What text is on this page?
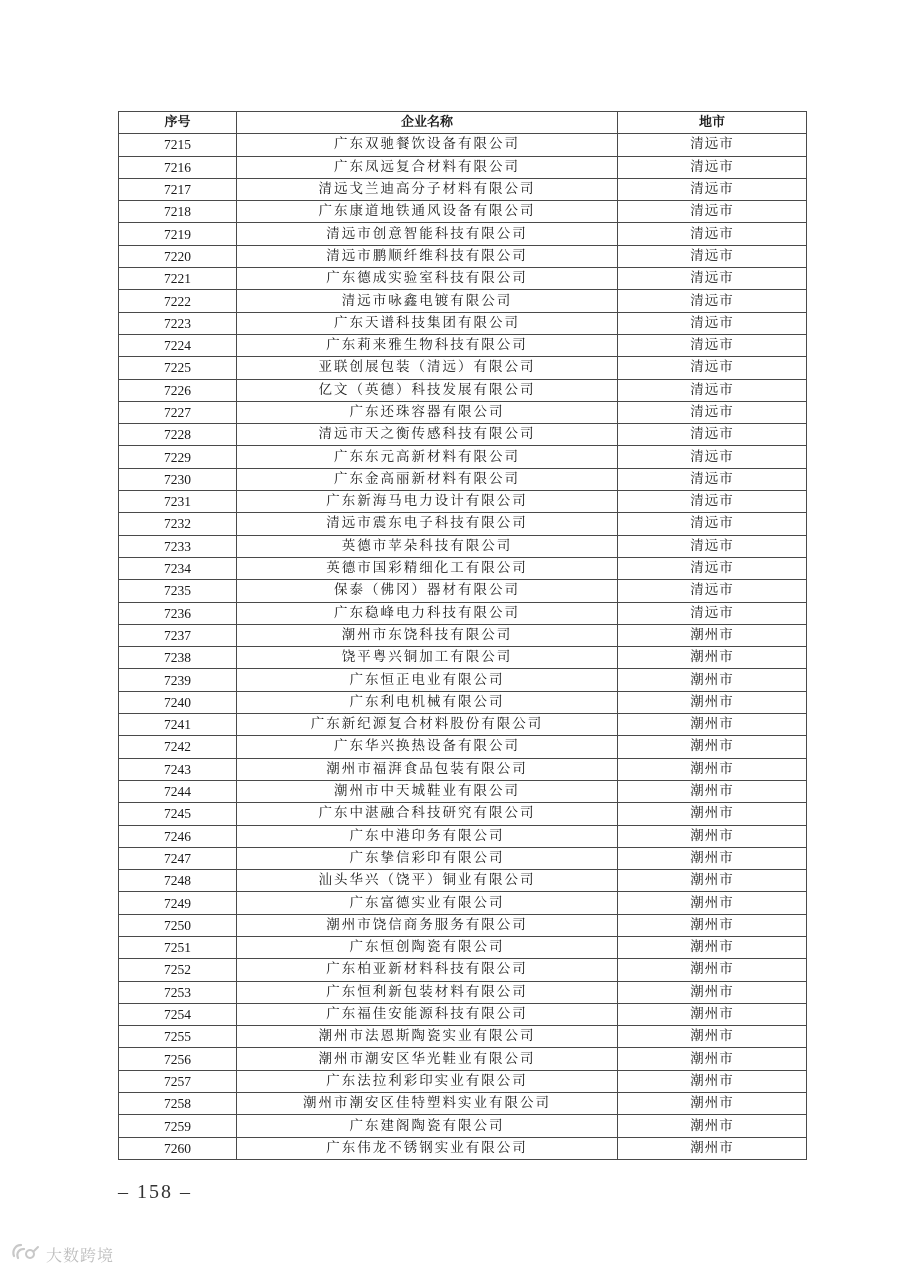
序号	企业名称	地市
7215	广东双驰餐饮设备有限公司	清远市
7216	广东凤远复合材料有限公司	清远市
7217	清远戈兰迪高分子材料有限公司	清远市
7218	广东康道地铁通风设备有限公司	清远市
7219	清远市创意智能科技有限公司	清远市
7220	清远市鹏顺纤维科技有限公司	清远市
7221	广东德成实验室科技有限公司	清远市
7222	清远市咏鑫电镀有限公司	清远市
7223	广东天谱科技集团有限公司	清远市
7224	广东莉来雅生物科技有限公司	清远市
7225	亚联创展包装（清远）有限公司	清远市
7226	亿文（英德）科技发展有限公司	清远市
7227	广东还珠容器有限公司	清远市
7228	清远市天之衡传感科技有限公司	清远市
7229	广东东元高新材料有限公司	清远市
7230	广东金高丽新材料有限公司	清远市
7231	广东新海马电力设计有限公司	清远市
7232	清远市震东电子科技有限公司	清远市
7233	英德市苹朵科技有限公司	清远市
7234	英德市国彩精细化工有限公司	清远市
7235	保泰（佛冈）器材有限公司	清远市
7236	广东稳峰电力科技有限公司	清远市
7237	潮州市东饶科技有限公司	潮州市
7238	饶平粤兴铜加工有限公司	潮州市
7239	广东恒正电业有限公司	潮州市
7240	广东利电机械有限公司	潮州市
7241	广东新纪源复合材料股份有限公司	潮州市
7242	广东华兴换热设备有限公司	潮州市
7243	潮州市福湃食品包装有限公司	潮州市
7244	潮州市中天城鞋业有限公司	潮州市
7245	广东中湛融合科技研究有限公司	潮州市
7246	广东中港印务有限公司	潮州市
7247	广东挚信彩印有限公司	潮州市
7248	汕头华兴（饶平）铜业有限公司	潮州市
7249	广东富德实业有限公司	潮州市
7250	潮州市饶信商务服务有限公司	潮州市
7251	广东恒创陶瓷有限公司	潮州市
7252	广东柏亚新材料科技有限公司	潮州市
7253	广东恒利新包装材料有限公司	潮州市
7254	广东福佳安能源科技有限公司	潮州市
7255	潮州市法恩斯陶瓷实业有限公司	潮州市
7256	潮州市潮安区华光鞋业有限公司	潮州市
7257	广东法拉利彩印实业有限公司	潮州市
7258	潮州市潮安区佳特塑料实业有限公司	潮州市
7259	广东建阁陶瓷有限公司	潮州市
7260	广东伟龙不锈钢实业有限公司	潮州市
– 158 –
大数跨境
